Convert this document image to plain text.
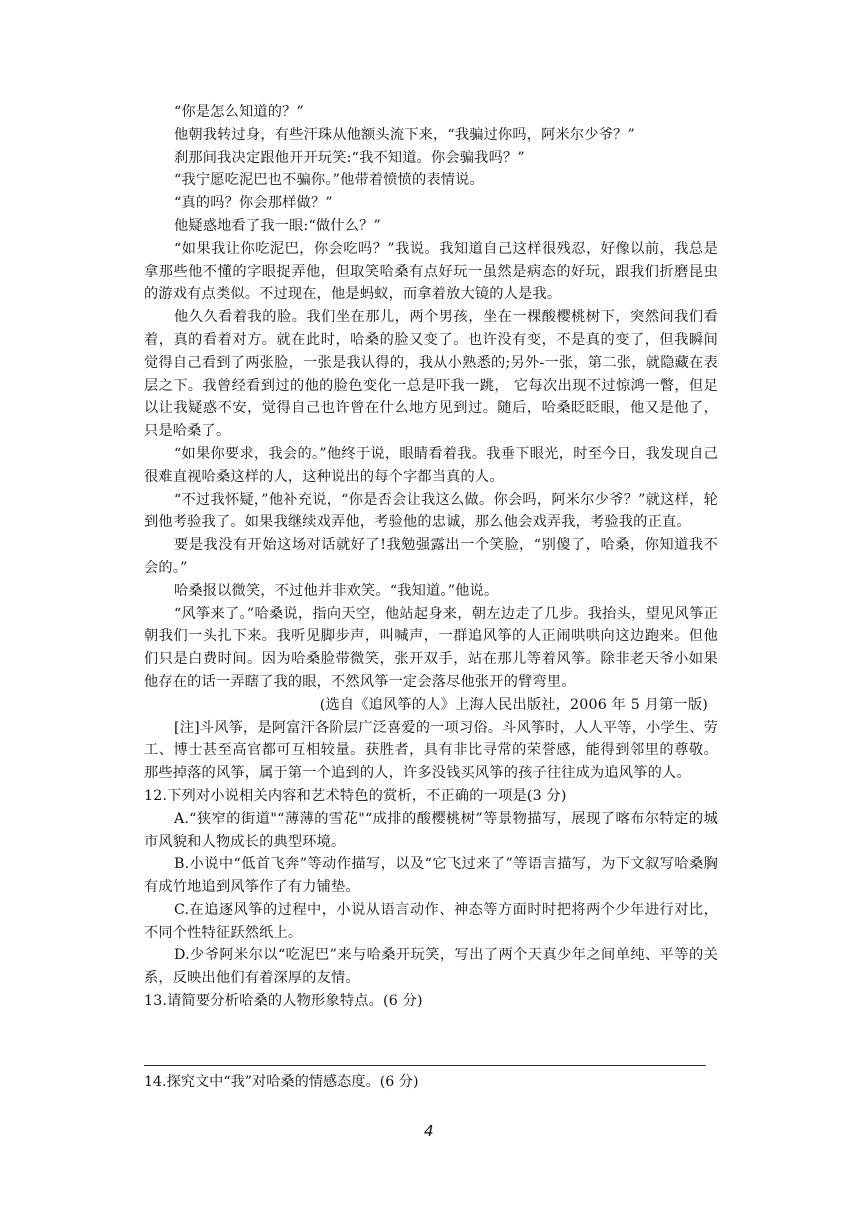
“你是怎么知道的？”

他朝我转过身，有些汗珠从他额头流下来，“我骗过你吗，阿米尔少爷？”

刹那间我决定跟他开开玩笑:“我不知道。你会骗我吗？”

“我宁愿吃泥巴也不骗你。”他带着愤愤的表情说。

“真的吗？你会那样做？”

他疑惑地看了我一眼:“做什么？”

“如果我让你吃泥巴，你会吃吗？”我说。我知道自己这样很残忍，好像以前，我总是拿那些他不懂的字眼捉弄他，但取笑哈桑有点好玩一虽然是病态的好玩，跟我们折磨昆虫的游戏有点类似。不过现在，他是蚂蚁，而拿着放大镜的人是我。

他久久看着我的脸。我们坐在那儿，两个男孩，坐在一棵酸樱桃树下，突然间我们看着，真的看着对方。就在此时，哈桑的脸又变了。也许没有变，不是真的变了，但我瞬间觉得自己看到了两张脸，一张是我认得的，我从小熟悉的;另外-一张，第二张，就隐藏在表层之下。我曾经看到过的他的脸色变化一总是吓我一跳， 它每次出现不过惊鸿一瞥，但足以让我疑惑不安，觉得自己也许曾在什么地方见到过。随后，哈桑眨眨眼，他又是他了，只是哈桑了。

“如果你要求，我会的。”他终于说，眼睛看着我。我垂下眼光，时至今日，我发现自己很难直视哈桑这样的人，这种说出的每个字都当真的人。

“不过我怀疑，”他补充说，“你是否会让我这么做。你会吗，阿米尔少爷？”就这样，轮到他考验我了。如果我继续戏弄他，考验他的忠诚，那么他会戏弄我，考验我的正直。

要是我没有开始这场对话就好了!我勉强露出一个笑脸，“别傻了，哈桑，你知道我不会的。”

哈桑报以微笑，不过他并非欢笑。“我知道。”他说。

“风筝来了。”哈桑说，指向天空，他站起身来，朝左边走了几步。我抬头，望见风筝正朝我们一头扎下来。我听见脚步声，叫喊声，一群追风筝的人正闹哄哄向这边跑来。但他们只是白费时间。因为哈桑脸带微笑，张开双手，站在那儿等着风筝。除非老天爷小如果他存在的话一弄瞎了我的眼，不然风筝一定会落尽他张开的臂弯里。

(选自《追风筝的人》上海人民出版社，2006 年 5 月第一版)

[注]斗风筝，是阿富汗各阶层广泛喜爱的一项习俗。斗风筝时，人人平等，小学生、劳工、博士甚至高官都可互相较量。获胜者，具有非比寻常的荣誉感，能得到邻里的尊敬。那些掉落的风筝，属于第一个追到的人，许多没钱买风筝的孩子往往成为追风筝的人。

12.下列对小说相关内容和艺术特色的赏析，不正确的一项是(3 分)

A.“狭窄的街道"“薄薄的雪花"“成排的酸樱桃树”等景物描写，展现了喀布尔特定的城市风貌和人物成长的典型环境。

B.小说中“低首飞奔”等动作描写，以及“它飞过来了”等语言描写，为下文叙写哈桑胸有成竹地追到风筝作了有力铺垫。

C.在追逐风筝的过程中，小说从语言动作、神态等方面时时把将两个少年进行对比，不同个性特征跃然纸上。

D.少爷阿米尔以“吃泥巴”来与哈桑开玩笑，写出了两个天真少年之间单纯、平等的关系，反映出他们有着深厚的友情。

13.请简要分析哈桑的人物形象特点。(6 分)

14.探究文中“我”对哈桑的情感态度。(6 分)
4
